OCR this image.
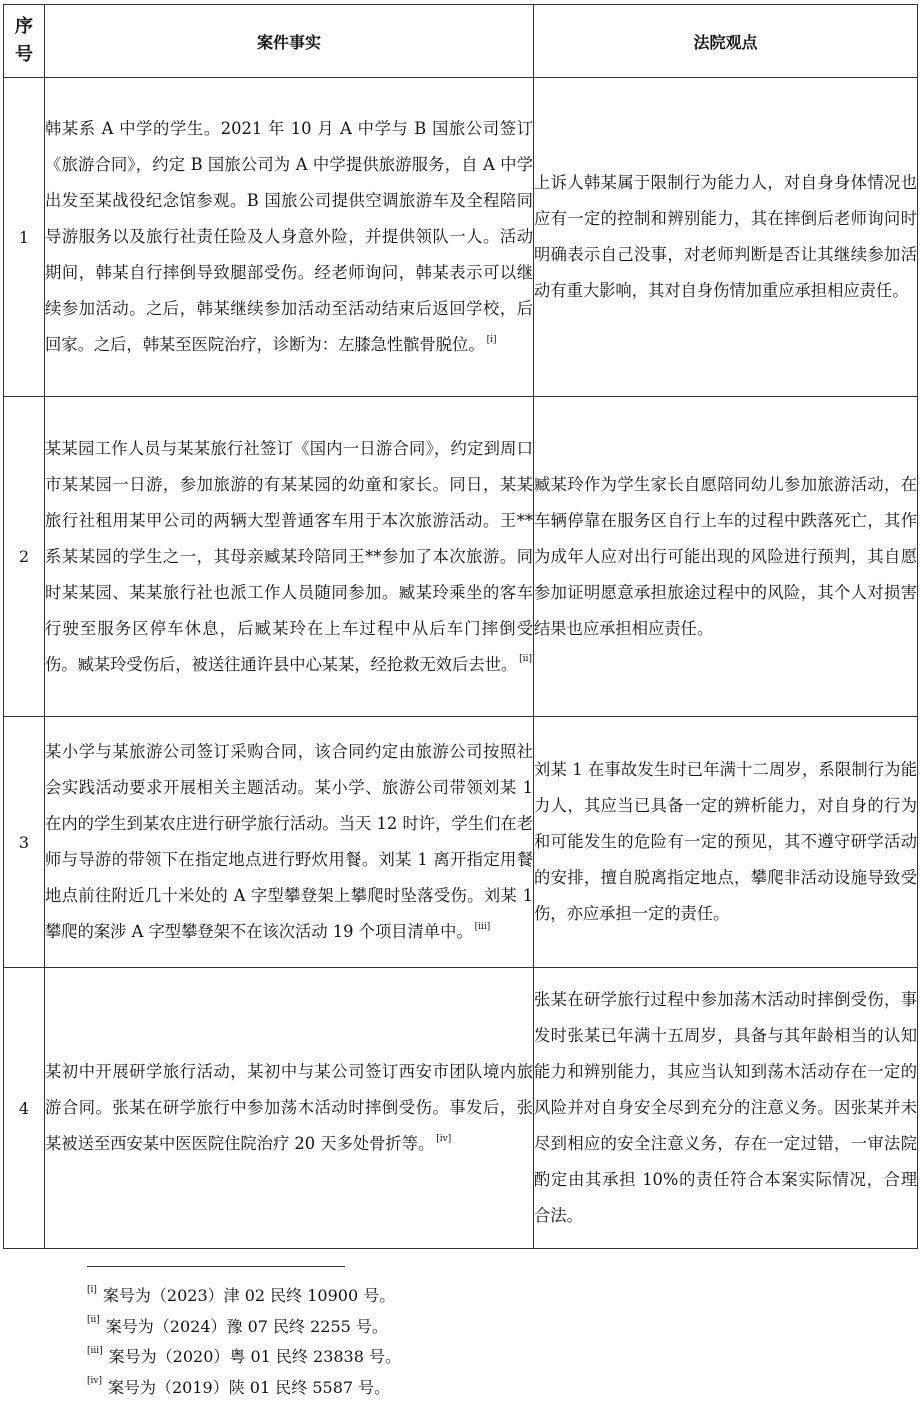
序
号	案件事实	法院观点
1	韩某系 A 中学的学生。2021 年 10 月 A 中学与 B 国旅公司签订《旅游合同》，约定 B 国旅公司为 A 中学提供旅游服务，自 A 中学出发至某战役纪念馆参观。B 国旅公司提供空调旅游车及全程陪同导游服务以及旅行社责任险及人身意外险，并提供领队一人。活动期间，韩某自行摔倒导致腿部受伤。经老师询问，韩某表示可以继续参加活动。之后，韩某继续参加活动至活动结束后返回学校，后回家。之后，韩某至医院治疗，诊断为：左膝急性髌骨脱位。 [i]	上诉人韩某属于限制行为能力人，对自身身体情况也应有一定的控制和辨别能力，其在摔倒后老师询问时明确表示自己没事，对老师判断是否让其继续参加活动有重大影响，其对自身伤情加重应承担相应责任。
2	某某园工作人员与某某旅行社签订《国内一日游合同》，约定到周口市某某园一日游，参加旅游的有某某园的幼童和家长。同日，某某旅行社租用某甲公司的两辆大型普通客车用于本次旅游活动。王**系某某园的学生之一，其母亲臧某玲陪同王**参加了本次旅游。同时某某园、某某旅行社也派工作人员随同参加。臧某玲乘坐的客车行驶至服务区停车休息，后臧某玲在上车过程中从后车门摔倒受伤。臧某玲受伤后，被送往通许县中心某某，经抢救无效后去世。 [ii]	臧某玲作为学生家长自愿陪同幼儿参加旅游活动，在车辆停靠在服务区自行上车的过程中跌落死亡，其作为成年人应对出行可能出现的风险进行预判，其自愿参加证明愿意承担旅途过程中的风险，其个人对损害结果也应承担相应责任。
3	某小学与某旅游公司签订采购合同，该合同约定由旅游公司按照社会实践活动要求开展相关主题活动。某小学、旅游公司带领刘某 1 在内的学生到某农庄进行研学旅行活动。当天 12 时许，学生们在老师与导游的带领下在指定地点进行野炊用餐。刘某 1 离开指定用餐地点前往附近几十米处的 A 字型攀登架上攀爬时坠落受伤。刘某 1 攀爬的案涉 A 字型攀登架不在该次活动 19 个项目清单中。 [iii]	刘某 1 在事故发生时已年满十二周岁，系限制行为能力人，其应当已具备一定的辨析能力，对自身的行为和可能发生的危险有一定的预见，其不遵守研学活动的安排，擅自脱离指定地点，攀爬非活动设施导致受伤，亦应承担一定的责任。
4	某初中开展研学旅行活动，某初中与某公司签订西安市团队境内旅游合同。张某在研学旅行中参加荡木活动时摔倒受伤。事发后，张某被送至西安某中医医院住院治疗 20 天多处骨折等。 [iv]	张某在研学旅行过程中参加荡木活动时摔倒受伤，事发时张某已年满十五周岁，具备与其年龄相当的认知能力和辨别能力，其应当认知到荡木活动存在一定的风险并对自身安全尽到充分的注意义务。因张某并未尽到相应的安全注意义务，存在一定过错，一审法院酌定由其承担 10%的责任符合本案实际情况，合理合法。
[i] 案号为（2023）津 02 民终 10900 号。
[ii] 案号为（2024）豫 07 民终 2255 号。
[iii] 案号为（2020）粤 01 民终 23838 号。
[iv] 案号为（2019）陕 01 民终 5587 号。
